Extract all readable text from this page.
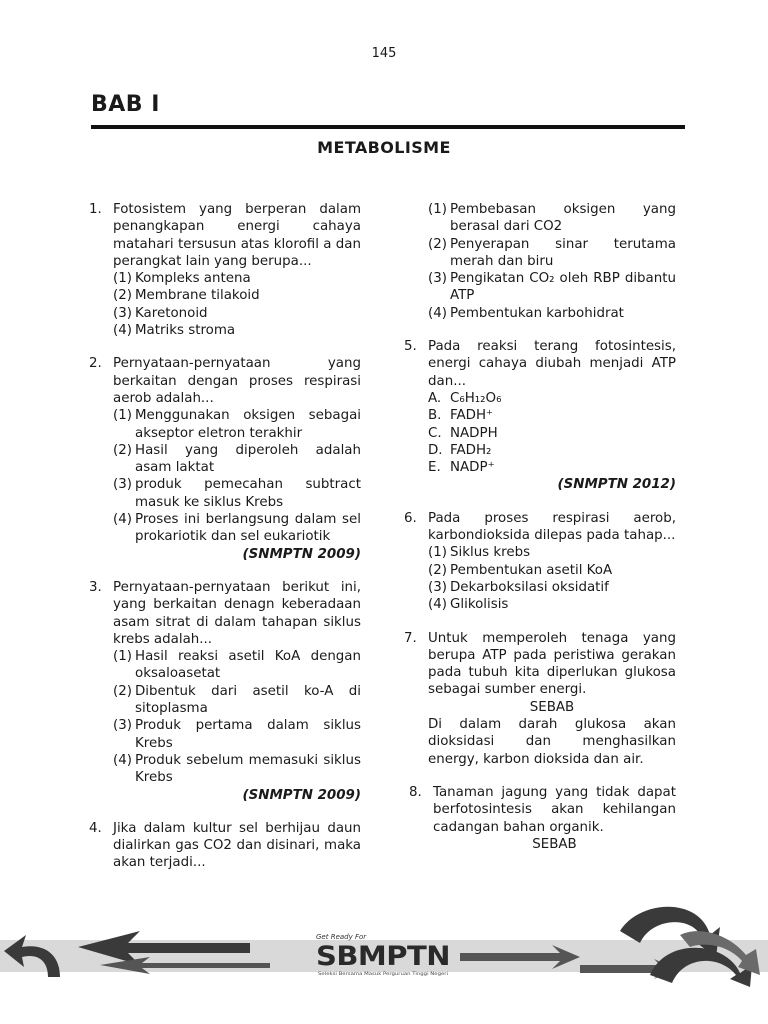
145
BAB I
METABOLISME
1. Fotosistem yang berperan dalam penangkapan energi cahaya matahari tersusun atas klorofil a dan perangkat lain yang berupa...
(1) Kompleks antena
(2) Membrane tilakoid
(3) Karetonoid
(4) Matriks stroma
2. Pernyataan-pernyataan yang berkaitan dengan proses respirasi aerob adalah...
(1) Menggunakan oksigen sebagai akseptor eletron terakhir
(2) Hasil yang diperoleh adalah asam laktat
(3) produk pemecahan subtract masuk ke siklus Krebs
(4) Proses ini berlangsung dalam sel prokariotik dan sel eukariotik
(SNMPTN 2009)
3. Pernyataan-pernyataan berikut ini, yang berkaitan denagn keberadaan asam sitrat di dalam tahapan siklus krebs adalah...
(1) Hasil reaksi asetil KoA dengan oksaloasetat
(2) Dibentuk dari asetil ko-A di sitoplasma
(3) Produk pertama dalam siklus Krebs
(4) Produk sebelum memasuki siklus Krebs
(SNMPTN 2009)
4. Jika dalam kultur sel berhijau daun dialirkan gas CO2 dan disinari, maka akan terjadi...
(1) Pembebasan oksigen yang berasal dari CO2
(2) Penyerapan sinar terutama merah dan biru
(3) Pengikatan CO₂ oleh RBP dibantu ATP
(4) Pembentukan karbohidrat
5. Pada reaksi terang fotosintesis, energi cahaya diubah menjadi ATP dan...
A. C₆H₁₂O₆
B. FADH⁺
C. NADPH
D. FADH₂
E. NADP⁺
(SNMPTN 2012)
6. Pada proses respirasi aerob, karbondioksida dilepas pada tahap...
(1) Siklus krebs
(2) Pembentukan asetil KoA
(3) Dekarboksilasi oksidatif
(4) Glikolisis
7. Untuk memperoleh tenaga yang berupa ATP pada peristiwa gerakan pada tubuh kita diperlukan glukosa sebagai sumber energi.
SEBAB
Di dalam darah glukosa akan dioksidasi dan menghasilkan energy, karbon dioksida dan air.
8. Tanaman jagung yang tidak dapat berfotosintesis akan kehilangan cadangan bahan organik.
SEBAB
Get Ready For
SBMPTN
Seleksi Bersama Masuk Perguruan Tinggi Negeri
